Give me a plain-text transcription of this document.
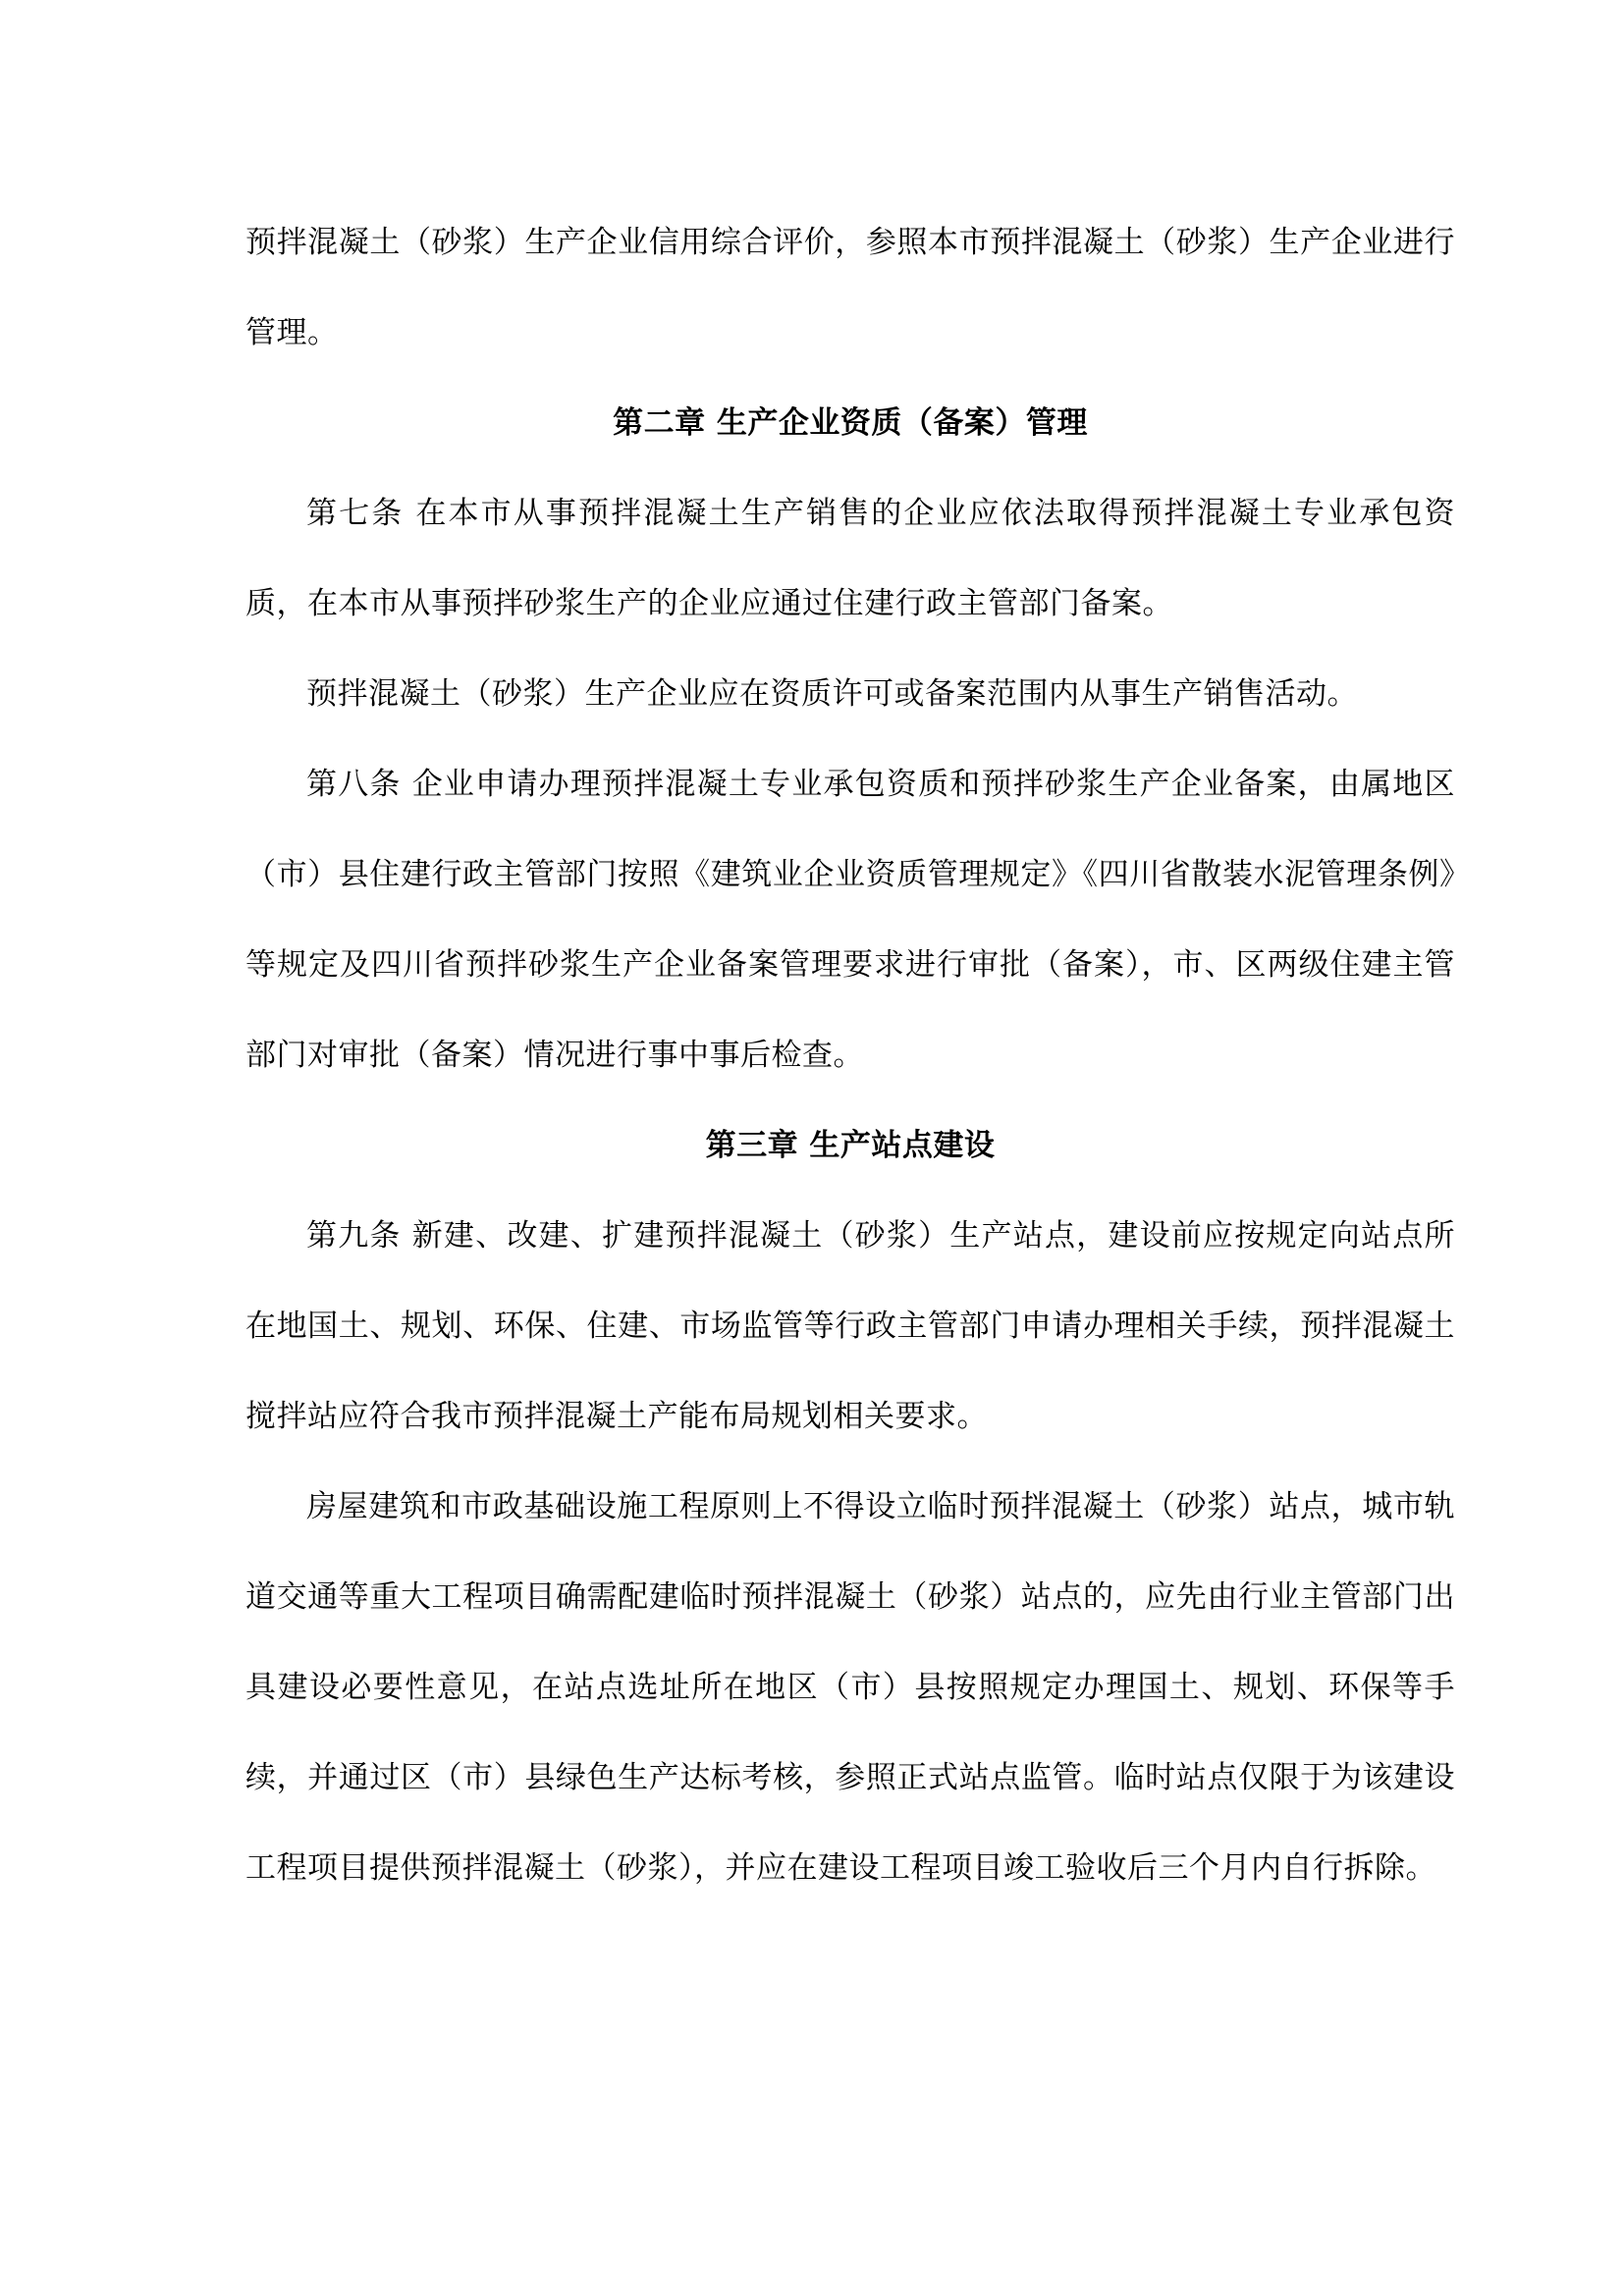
预拌混凝土（砂浆）生产企业信用综合评价，参照本市预拌混凝土（砂浆）生产企业进行管理。

第二章 生产企业资质（备案）管理

第七条 在本市从事预拌混凝土生产销售的企业应依法取得预拌混凝土专业承包资质，在本市从事预拌砂浆生产的企业应通过住建行政主管部门备案。

预拌混凝土（砂浆）生产企业应在资质许可或备案范围内从事生产销售活动。

第八条 企业申请办理预拌混凝土专业承包资质和预拌砂浆生产企业备案，由属地区（市）县住建行政主管部门按照《建筑业企业资质管理规定》《四川省散装水泥管理条例》等规定及四川省预拌砂浆生产企业备案管理要求进行审批（备案），市、区两级住建主管部门对审批（备案）情况进行事中事后检查。

第三章 生产站点建设

第九条 新建、改建、扩建预拌混凝土（砂浆）生产站点，建设前应按规定向站点所在地国土、规划、环保、住建、市场监管等行政主管部门申请办理相关手续，预拌混凝土搅拌站应符合我市预拌混凝土产能布局规划相关要求。

房屋建筑和市政基础设施工程原则上不得设立临时预拌混凝土（砂浆）站点，城市轨道交通等重大工程项目确需配建临时预拌混凝土（砂浆）站点的，应先由行业主管部门出具建设必要性意见，在站点选址所在地区（市）县按照规定办理国土、规划、环保等手续，并通过区（市）县绿色生产达标考核，参照正式站点监管。临时站点仅限于为该建设工程项目提供预拌混凝土（砂浆），并应在建设工程项目竣工验收后三个月内自行拆除。
